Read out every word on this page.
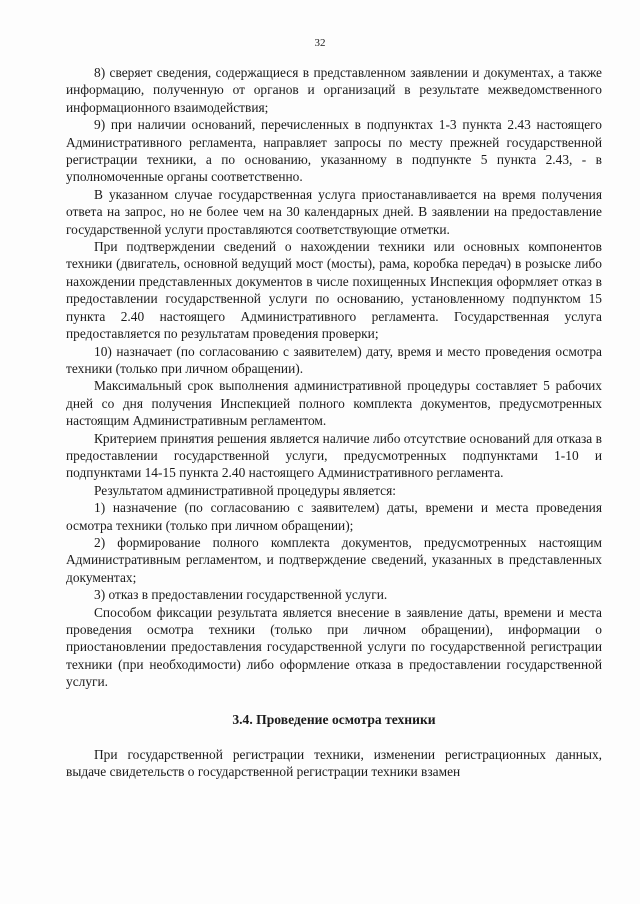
32

8) сверяет сведения, содержащиеся в представленном заявлении и документах, а также информацию, полученную от органов и организаций в результате межведомственного информационного взаимодействия;

9) при наличии оснований, перечисленных в подпунктах 1-3 пункта 2.43 настоящего Административного регламента, направляет запросы по месту прежней государственной регистрации техники, а по основанию, указанному в подпункте 5 пункта 2.43, - в уполномоченные органы соответственно.

В указанном случае государственная услуга приостанавливается на время получения ответа на запрос, но не более чем на 30 календарных дней. В заявлении на предоставление государственной услуги проставляются соответствующие отметки.

При подтверждении сведений о нахождении техники или основных компонентов техники (двигатель, основной ведущий мост (мосты), рама, коробка передач) в розыске либо нахождении представленных документов в числе похищенных Инспекция оформляет отказ в предоставлении государственной услуги по основанию, установленному подпунктом 15 пункта 2.40 настоящего Административного регламента. Государственная услуга предоставляется по результатам проведения проверки;

10) назначает (по согласованию с заявителем) дату, время и место проведения осмотра техники (только при личном обращении).

Максимальный срок выполнения административной процедуры составляет 5 рабочих дней со дня получения Инспекцией полного комплекта документов, предусмотренных настоящим Административным регламентом.

Критерием принятия решения является наличие либо отсутствие оснований для отказа в предоставлении государственной услуги, предусмотренных подпунктами 1-10 и подпунктами 14-15 пункта 2.40 настоящего Административного регламента.

Результатом административной процедуры является:

1) назначение (по согласованию с заявителем) даты, времени и места проведения осмотра техники (только при личном обращении);

2) формирование полного комплекта документов, предусмотренных настоящим Административным регламентом, и подтверждение сведений, указанных в представленных документах;

3) отказ в предоставлении государственной услуги.

Способом фиксации результата является внесение в заявление даты, времени и места проведения осмотра техники (только при личном обращении), информации о приостановлении предоставления государственной услуги по государственной регистрации техники (при необходимости) либо оформление отказа в предоставлении государственной услуги.

3.4. Проведение осмотра техники

При государственной регистрации техники, изменении регистрационных данных, выдаче свидетельств о государственной регистрации техники взамен
